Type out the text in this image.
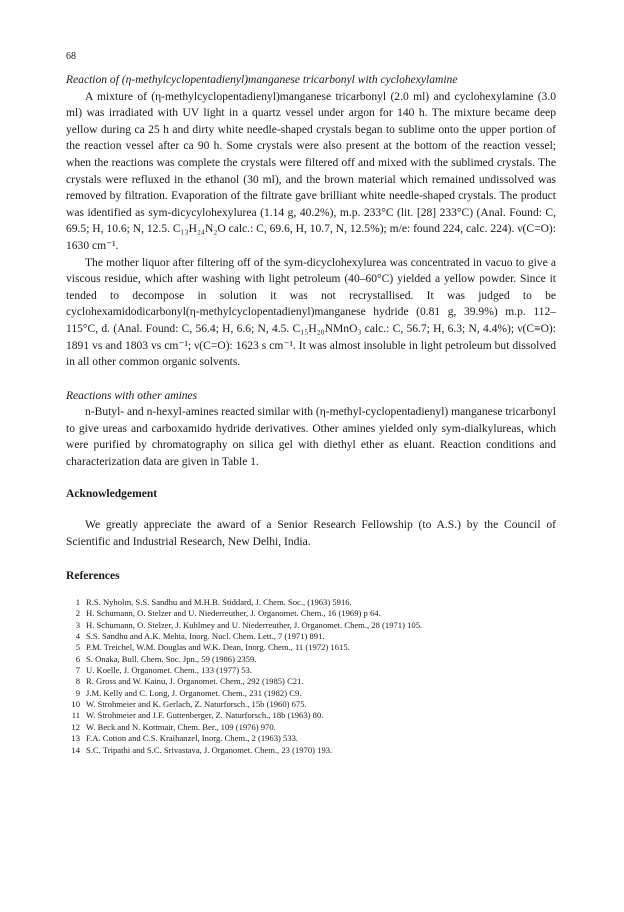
68

Reaction of (η-methylcyclopentadienyl)manganese tricarbonyl with cyclohexylamine

A mixture of (η-methylcyclopentadienyl)manganese tricarbonyl (2.0 ml) and cyclohexylamine (3.0 ml) was irradiated with UV light in a quartz vessel under argon for 140 h. The mixture became deep yellow during ca 25 h and dirty white needle-shaped crystals began to sublime onto the upper portion of the reaction vessel after ca 90 h. Some crystals were also present at the bottom of the reaction vessel; when the reactions was complete the crystals were filtered off and mixed with the sublimed crystals. The crystals were refluxed in the ethanol (30 ml), and the brown material which remained undissolved was removed by filtration. Evaporation of the filtrate gave brilliant white needle-shaped crystals. The product was identified as sym-dicycylohexylurea (1.14 g, 40.2%), m.p. 233°C (lit. [28] 233°C) (Anal. Found: C, 69.5; H, 10.6; N, 12.5. C₁₃H₂₄N₂O calc.: C, 69.6, H, 10.7, N, 12.5%); m/e: found 224, calc. 224). ν(C=O): 1630 cm⁻¹.

The mother liquor after filtering off of the sym-dicyclohexylurea was concentrated in vacuo to give a viscous residue, which after washing with light petroleum (40–60°C) yielded a yellow powder. Since it tended to decompose in solution it was not recrystallised. It was judged to be cyclohexamidodicarbonyl(η-methylcyclopentadienyl)manganese hydride (0.81 g, 39.9%) m.p. 112–115°C, d. (Anal. Found: C, 56.4; H, 6.6; N, 4.5. C₁₅H₂₀NMnO₃ calc.: C, 56.7; H, 6.3; N, 4.4%); ν(C≡O): 1891 vs and 1803 vs cm⁻¹; ν(C=O): 1623 s cm⁻¹. It was almost insoluble in light petroleum but dissolved in all other common organic solvents.

Reactions with other amines

n-Butyl- and n-hexyl-amines reacted similar with (η-methyl-cyclopentadienyl) manganese tricarbonyl to give ureas and carboxamido hydride derivatives. Other amines yielded only sym-dialkylureas, which were purified by chromatography on silica gel with diethyl ether as eluant. Reaction conditions and characterization data are given in Table 1.

Acknowledgement

We greatly appreciate the award of a Senior Research Fellowship (to A.S.) by the Council of Scientific and Industrial Research, New Delhi, India.

References

1 R.S. Nyholm, S.S. Sandhu and M.H.B. Stiddard, J. Chem. Soc., (1963) 5916.
2 H. Schumann, O. Stelzer and U. Niederreuther, J. Organomet. Chem., 16 (1969) p 64.
3 H. Schumann, O. Stelzer, J. Kuhlmey and U. Niederreuther, J. Organomet. Chem., 28 (1971) 105.
4 S.S. Sandhu and A.K. Mehta, Inorg. Nucl. Chem. Lett., 7 (1971) 891.
5 P.M. Treichel, W.M. Douglas and W.K. Dean, Inorg. Chem., 11 (1972) 1615.
6 S. Onaka, Bull. Chem. Soc. Jpn., 59 (1986) 2359.
7 U. Koelle, J. Organomet. Chem., 133 (1977) 53.
8 R. Gross and W. Kainu, J. Organomet. Chem., 292 (1985) C21.
9 J.M. Kelly and C. Long, J. Organomet. Chem., 231 (1982) C9.
10 W. Strohmeier and K. Gerlach, Z. Naturforsch., 15b (1960) 675.
11 W. Strohmeier and J.F. Guttenberger, Z. Naturforsch., 18b (1963) 80.
12 W. Beck and N. Kottmair, Chem. Ber., 109 (1976) 970.
13 F.A. Cotton and C.S. Kraihanzel, Inorg. Chem., 2 (1963) 533.
14 S.C. Tripathi and S.C. Srivastava, J. Organomet. Chem., 23 (1970) 193.
